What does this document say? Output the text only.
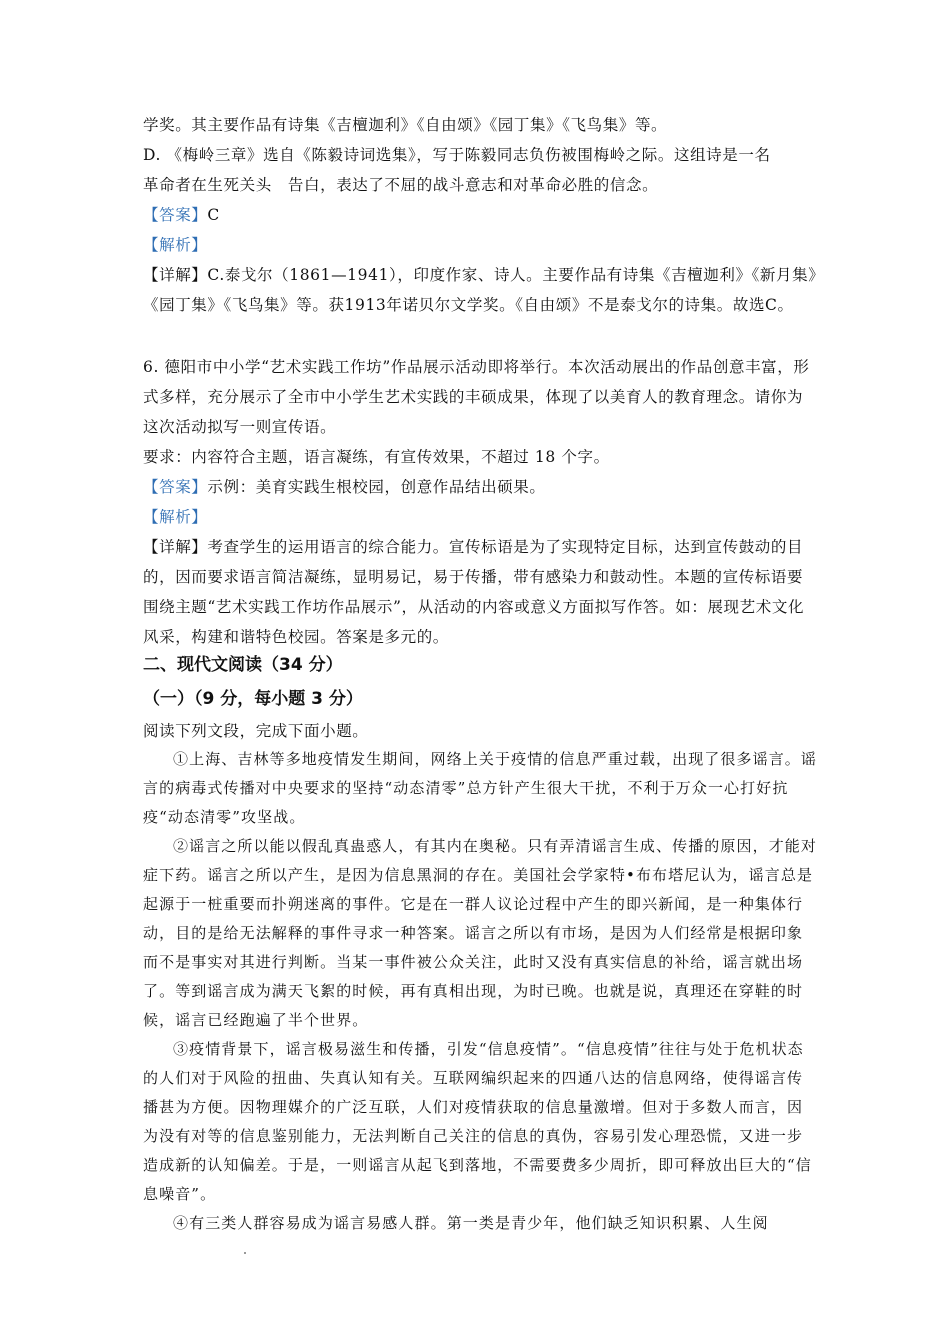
学奖。其主要作品有诗集《吉檀迦利》《自由颂》《园丁集》《飞鸟集》等。

D. 《梅岭三章》选自《陈毅诗词选集》，写于陈毅同志负伤被围梅岭之际。这组诗是一名

革命者在生死关头　告白，表达了不屈的战斗意志和对革命必胜的信念。

【答案】C

【解析】

【详解】C.泰戈尔（1861—1941），印度作家、诗人。主要作品有诗集《吉檀迦利》《新月集》《园丁集》《飞鸟集》等。获1913年诺贝尔文学奖。《自由颂》不是泰戈尔的诗集。故选C。

6. 德阳市中小学“艺术实践工作坊”作品展示活动即将举行。本次活动展出的作品创意丰富，形式多样，充分展示了全市中小学生艺术实践的丰硕成果，体现了以美育人的教育理念。请你为这次活动拟写一则宣传语。

要求：内容符合主题，语言凝练，有宣传效果，不超过 18 个字。

【答案】示例：美育实践生根校园，创意作品结出硕果。

【解析】

【详解】考查学生的运用语言的综合能力。宣传标语是为了实现特定目标，达到宣传鼓动的目的，因而要求语言简洁凝练，显明易记，易于传播，带有感染力和鼓动性。本题的宣传标语要围绕主题“艺术实践工作坊作品展示”，从活动的内容或意义方面拟写作答。如：展现艺术文化风采，构建和谐特色校园。答案是多元的。

二、现代文阅读（34 分）
（一）（9 分，每小题 3 分）

阅读下列文段，完成下面小题。

①上海、吉林等多地疫情发生期间，网络上关于疫情的信息严重过载，出现了很多谣言。谣言的病毒式传播对中央要求的坚持“动态清零”总方针产生很大干扰，不利于万众一心打好抗疫“动态清零”攻坚战。

②谣言之所以能以假乱真蛊惑人，有其内在奥秘。只有弄清谣言生成、传播的原因，才能对症下药。谣言之所以产生，是因为信息黑洞的存在。美国社会学家特•布布塔尼认为，谣言总是起源于一桩重要而扑朔迷离的事件。它是在一群人议论过程中产生的即兴新闻，是一种集体行动，目的是给无法解释的事件寻求一种答案。谣言之所以有市场，是因为人们经常是根据印象而不是事实对其进行判断。当某一事件被公众关注，此时又没有真实信息的补给，谣言就出场了。等到谣言成为满天飞絮的时候，再有真相出现，为时已晚。也就是说，真理还在穿鞋的时候，谣言已经跑遍了半个世界。

③疫情背景下，谣言极易滋生和传播，引发“信息疫情”。“信息疫情”往往与处于危机状态的人们对于风险的扭曲、失真认知有关。互联网编织起来的四通八达的信息网络，使得谣言传播甚为方便。因物理媒介的广泛互联，人们对疫情获取的信息量激增。但对于多数人而言，因为没有对等的信息鉴别能力，无法判断自己关注的信息的真伪，容易引发心理恐慌，又进一步造成新的认知偏差。于是，一则谣言从起飞到落地，不需要费多少周折，即可释放出巨大的“信息噪音”。

④有三类人群容易成为谣言易感人群。第一类是青少年，他们缺乏知识积累、人生阅
